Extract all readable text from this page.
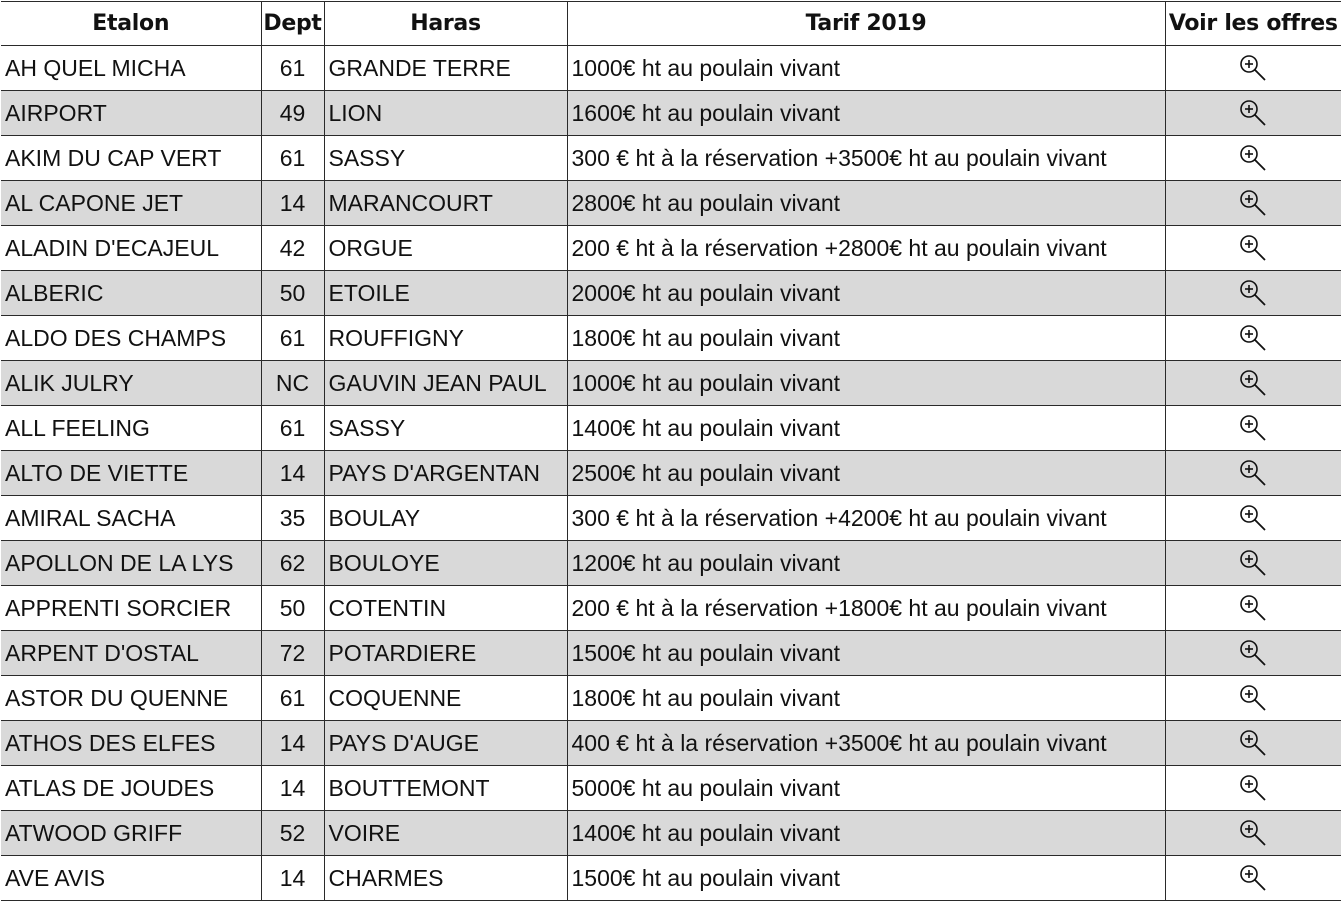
Etalon	Dept	Haras	Tarif 2019	Voir les offres
AH QUEL MICHA	61	GRANDE TERRE	1000€ ht au poulain vivant	

AIRPORT	49	LION	1600€ ht au poulain vivant	

AKIM DU CAP VERT	61	SASSY	300 € ht à la réservation +3500€ ht au poulain vivant	

AL CAPONE JET	14	MARANCOURT	2800€ ht au poulain vivant	

ALADIN D'ECAJEUL	42	ORGUE	200 € ht à la réservation +2800€ ht au poulain vivant	

ALBERIC	50	ETOILE	2000€ ht au poulain vivant	

ALDO DES CHAMPS	61	ROUFFIGNY	1800€ ht au poulain vivant	

ALIK JULRY	NC	GAUVIN JEAN PAUL	1000€ ht au poulain vivant	

ALL FEELING	61	SASSY	1400€ ht au poulain vivant	

ALTO DE VIETTE	14	PAYS D'ARGENTAN	2500€ ht au poulain vivant	

AMIRAL SACHA	35	BOULAY	300 € ht à la réservation +4200€ ht au poulain vivant	

APOLLON DE LA LYS	62	BOULOYE	1200€ ht au poulain vivant	

APPRENTI SORCIER	50	COTENTIN	200 € ht à la réservation +1800€ ht au poulain vivant	

ARPENT D'OSTAL	72	POTARDIERE	1500€ ht au poulain vivant	

ASTOR DU QUENNE	61	COQUENNE	1800€ ht au poulain vivant	

ATHOS DES ELFES	14	PAYS D'AUGE	400 € ht à la réservation +3500€ ht au poulain vivant	

ATLAS DE JOUDES	14	BOUTTEMONT	5000€ ht au poulain vivant	

ATWOOD GRIFF	52	VOIRE	1400€ ht au poulain vivant	

AVE AVIS	14	CHARMES	1500€ ht au poulain vivant	
